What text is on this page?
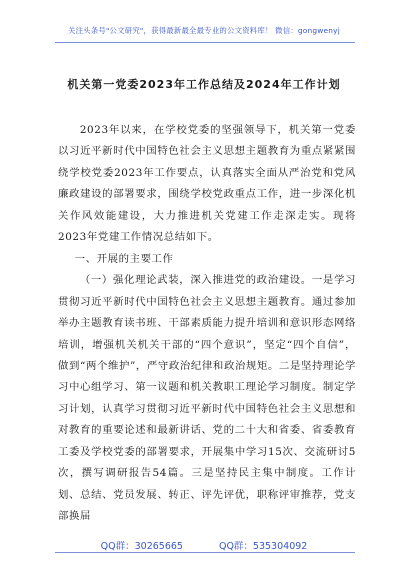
关注头条号"公文研究"，获得最新最全最专业的公文资料库！ 微信：gongwenyj
机关第一党委2023年工作总结及2024年工作计划

2023年以来，在学校党委的坚强领导下，机关第一党委以习近平新时代中国特色社会主义思想主题教育为重点紧紧围绕学校党委2023年工作要点，认真落实全面从严治党和党风廉政建设的部署要求，围绕学校党政重点工作，进一步深化机关作风效能建设，大力推进机关党建工作走深走实。现将2023年党建工作情况总结如下。

一、开展的主要工作

（一）强化理论武装，深入推进党的政治建设。一是学习贯彻习近平新时代中国特色社会主义思想主题教育。通过参加举办主题教育读书班、干部素质能力提升培训和意识形态网络培训，增强机关机关干部的“四个意识”，坚定“四个自信”，做到“两个维护”，严守政治纪律和政治规矩。二是坚持理论学习中心组学习、第一议题和机关教职工理论学习制度。制定学习计划，认真学习贯彻习近平新时代中国特色社会主义思想和对教育的重要论述和最新讲话、党的二十大和省委、省委教育工委及学校党委的部署要求，开展集中学习15次、交流研讨5次，撰写调研报告54篇。三是坚持民主集中制度。工作计划、总结、党员发展、转正、评先评优，职称评审推荐，党支部换届

QQ群：30265665	QQ群：535304092
